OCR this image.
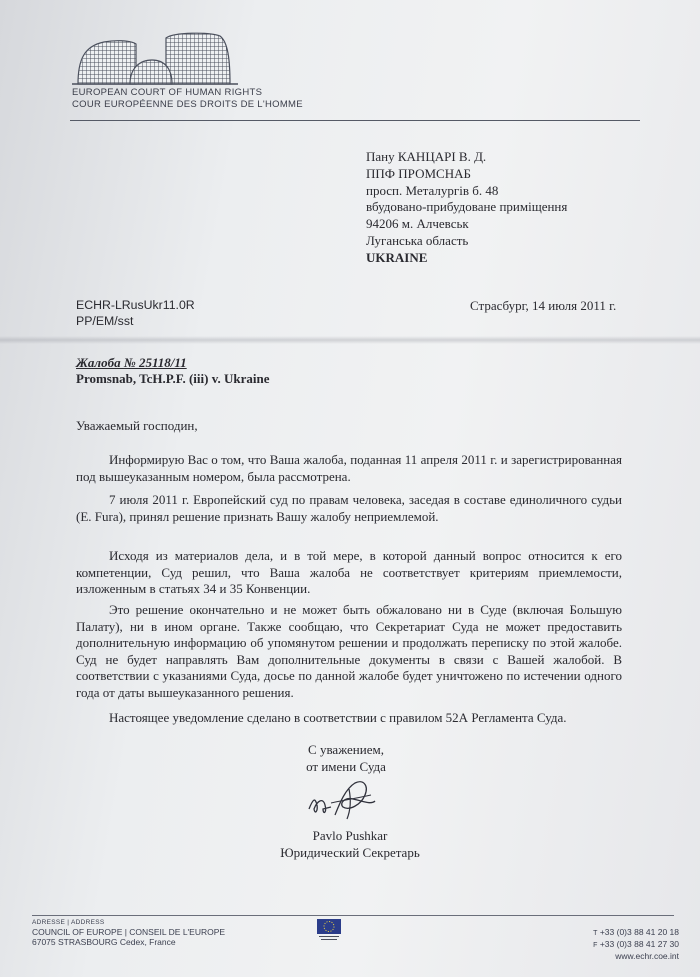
EUROPEAN COURT OF HUMAN RIGHTS
COUR EUROPÉENNE DES DROITS DE L'HOMME
Пану КАНЦАРІ В. Д.
ППФ ПРОМСНАБ
просп. Металургів б. 48
вбудовано-прибудоване приміщення
94206 м. Алчевськ
Луганська область
UKRAINE
ECHR-LRusUkr11.0R
PP/EM/sst
Страсбург, 14 июля 2011 г.
Жалоба № 25118/11
Promsnab, TcH.P.F. (iii) v. Ukraine
Уважаемый господин,
Информирую Вас о том, что Ваша жалоба, поданная 11 апреля 2011 г. и зарегистрированная под вышеуказанным номером, была рассмотрена.
7 июля 2011 г. Европейский суд по правам человека, заседая в составе единоличного судьи (E. Fura), принял решение признать Вашу жалобу неприемлемой.
Исходя из материалов дела, и в той мере, в которой данный вопрос относится к его компетенции, Суд решил, что Ваша жалоба не соответствует критериям приемлемости, изложенным в статьях 34 и 35 Конвенции.
Это решение окончательно и не может быть обжаловано ни в Суде (включая Большую Палату), ни в ином органе. Также сообщаю, что Секретариат Суда не может предоставить дополнительную информацию об упомянутом решении и продолжать переписку по этой жалобе. Суд не будет направлять Вам дополнительные документы в связи с Вашей жалобой. В соответствии с указаниями Суда, досье по данной жалобе будет уничтожено по истечении одного года от даты вышеуказанного решения.
Настоящее уведомление сделано в соответствии с правилом 52А Регламента Суда.
С уважением,
от имени Суда
Pavlo Pushkar
Юридический Секретарь
ADRESSE | ADDRESS
COUNCIL OF EUROPE | CONSEIL DE L'EUROPE
67075 STRASBOURG Cedex, France
T +33 (0)3 88 41 20 18
F +33 (0)3 88 41 27 30
www.echr.coe.int
